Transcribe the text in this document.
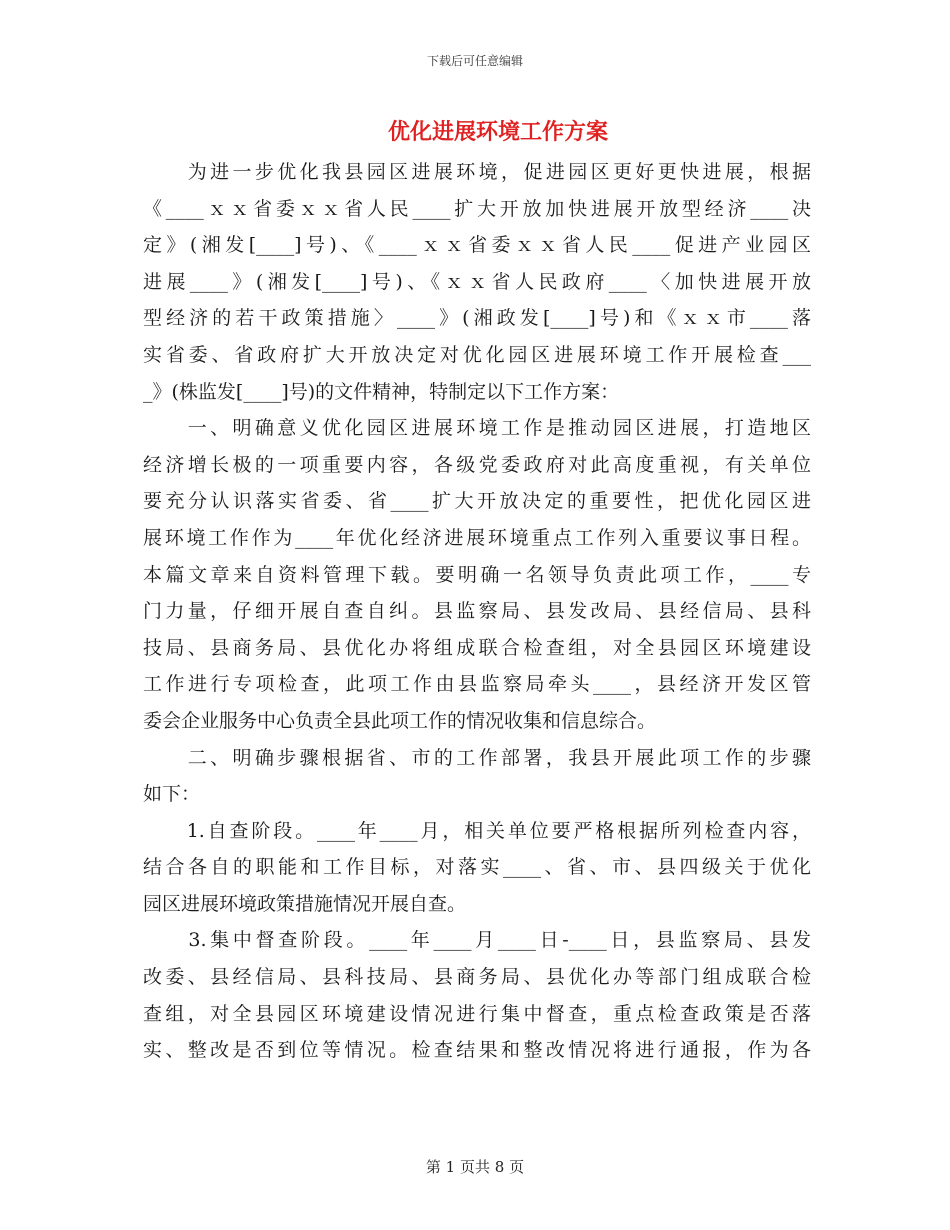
下载后可任意编辑
优化进展环境工作方案
　　为进一步优化我县园区进展环境，促进园区更好更快进展，根据
《____ｘｘ省委ｘｘ省人民____扩大开放加快进展开放型经济____决
定》(湘发[____]号)、《____ｘｘ省委ｘｘ省人民____促进产业园区
进展____》(湘发[____]号)、《ｘｘ省人民政府____〈加快进展开放
型经济的若干政策措施〉____》(湘政发[____]号)和《ｘｘ市____落
实省委、省政府扩大开放决定对优化园区进展环境工作开展检查___
_》(株监发[____]号)的文件精神，特制定以下工作方案：
　　一、明确意义优化园区进展环境工作是推动园区进展，打造地区
经济增长极的一项重要内容，各级党委政府对此高度重视，有关单位
要充分认识落实省委、省____扩大开放决定的重要性，把优化园区进
展环境工作作为____年优化经济进展环境重点工作列入重要议事日程。
本篇文章来自资料管理下载。要明确一名领导负责此项工作，____专
门力量，仔细开展自查自纠。县监察局、县发改局、县经信局、县科
技局、县商务局、县优化办将组成联合检查组，对全县园区环境建设
工作进行专项检查，此项工作由县监察局牵头____，县经济开发区管
委会企业服务中心负责全县此项工作的情况收集和信息综合。
　　二、明确步骤根据省、市的工作部署，我县开展此项工作的步骤
如下：
　　1.自查阶段。____年____月，相关单位要严格根据所列检查内容，
结合各自的职能和工作目标，对落实____、省、市、县四级关于优化
园区进展环境政策措施情况开展自查。
　　3.集中督查阶段。____年____月____日-____日，县监察局、县发
改委、县经信局、县科技局、县商务局、县优化办等部门组成联合检
查组，对全县园区环境建设情况进行集中督查，重点检查政策是否落
实、整改是否到位等情况。检查结果和整改情况将进行通报，作为各
第 1 页共 8 页
